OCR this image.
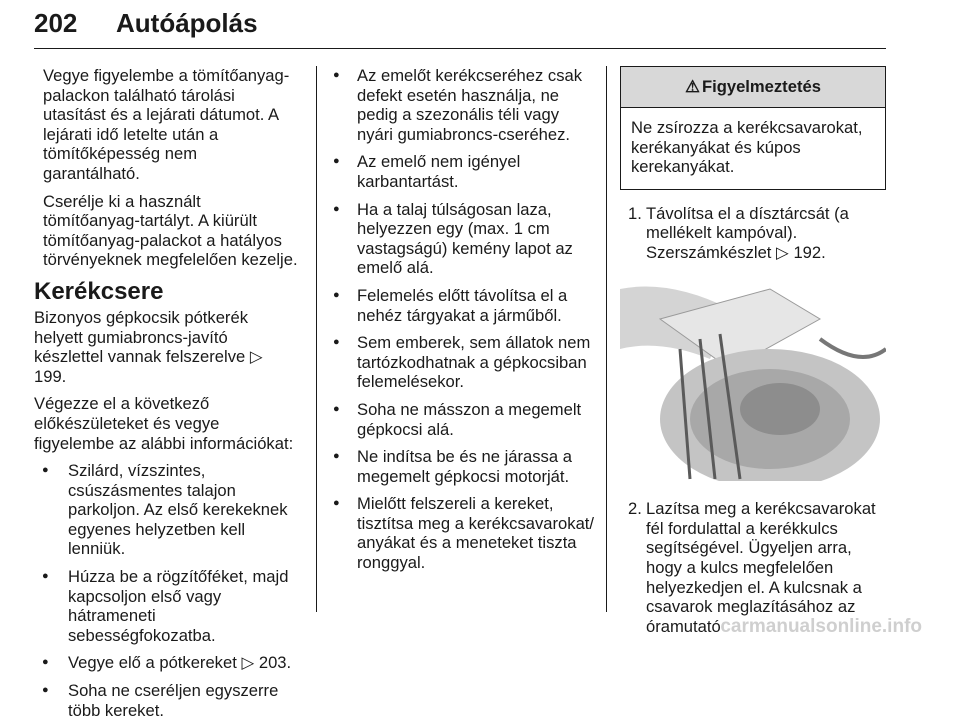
202 Autóápolás

Vegye figyelembe a tömítőanyag-palackon található tárolási utasítást és a lejárati dátumot. A lejárati idő letelte után a tömítőképesség nem garantálható.

Cserélje ki a használt tömítőanyag-tartályt. A kiürült tömítőanyag-palackot a hatályos törvényeknek megfelelően kezelje.

Kerékcsere

Bizonyos gépkocsik pótkerék helyett gumiabroncs-javító készlettel vannak felszerelve ▷ 199.

Végezze el a következő előkészületeket és vegye figyelembe az alábbi információkat:

● Szilárd, vízszintes, csúszásmentes talajon parkoljon. Az első kerekeknek egyenes helyzetben kell lenniük.
● Húzza be a rögzítőféket, majd kapcsoljon első vagy hátrameneti sebességfokozatba.
● Vegye elő a pótkereket ▷ 203.
● Soha ne cseréljen egyszerre több kereket.
● Az emelőt kerékcseréhez csak defekt esetén használja, ne pedig a szezonális téli vagy nyári gumiabroncs-cseréhez.
● Az emelő nem igényel karbantartást.
● Ha a talaj túlságosan laza, helyezzen egy (max. 1 cm vastagságú) kemény lapot az emelő alá.
● Felemelés előtt távolítsa el a nehéz tárgyakat a járműből.
● Sem emberek, sem állatok nem tartózkodhatnak a gépkocsiban felemelésekor.
● Soha ne másszon a megemelt gépkocsi alá.
● Ne indítsa be és ne járassa a megemelt gépkocsi motorját.
● Mielőtt felszereli a kereket, tisztítsa meg a kerékcsavarokat/ anyákat és a meneteket tiszta ronggyal.
⚠ Figyelmeztetés
Ne zsírozza a kerékcsavarokat, kerékanyákat és kúpos kerekanyákat.
1. Távolítsa el a dísztárcsát (a mellékelt kampóval). Szerszámkészlet ▷ 192.
2. Lazítsa meg a kerékcsavarokat fél fordulattal a kerékkulcs segítségével. Ügyeljen arra, hogy a kulcs megfelelően helyezkedjen el. A kulcsnak a csavarok meglazításához az óramutató carmanualsonline.info
